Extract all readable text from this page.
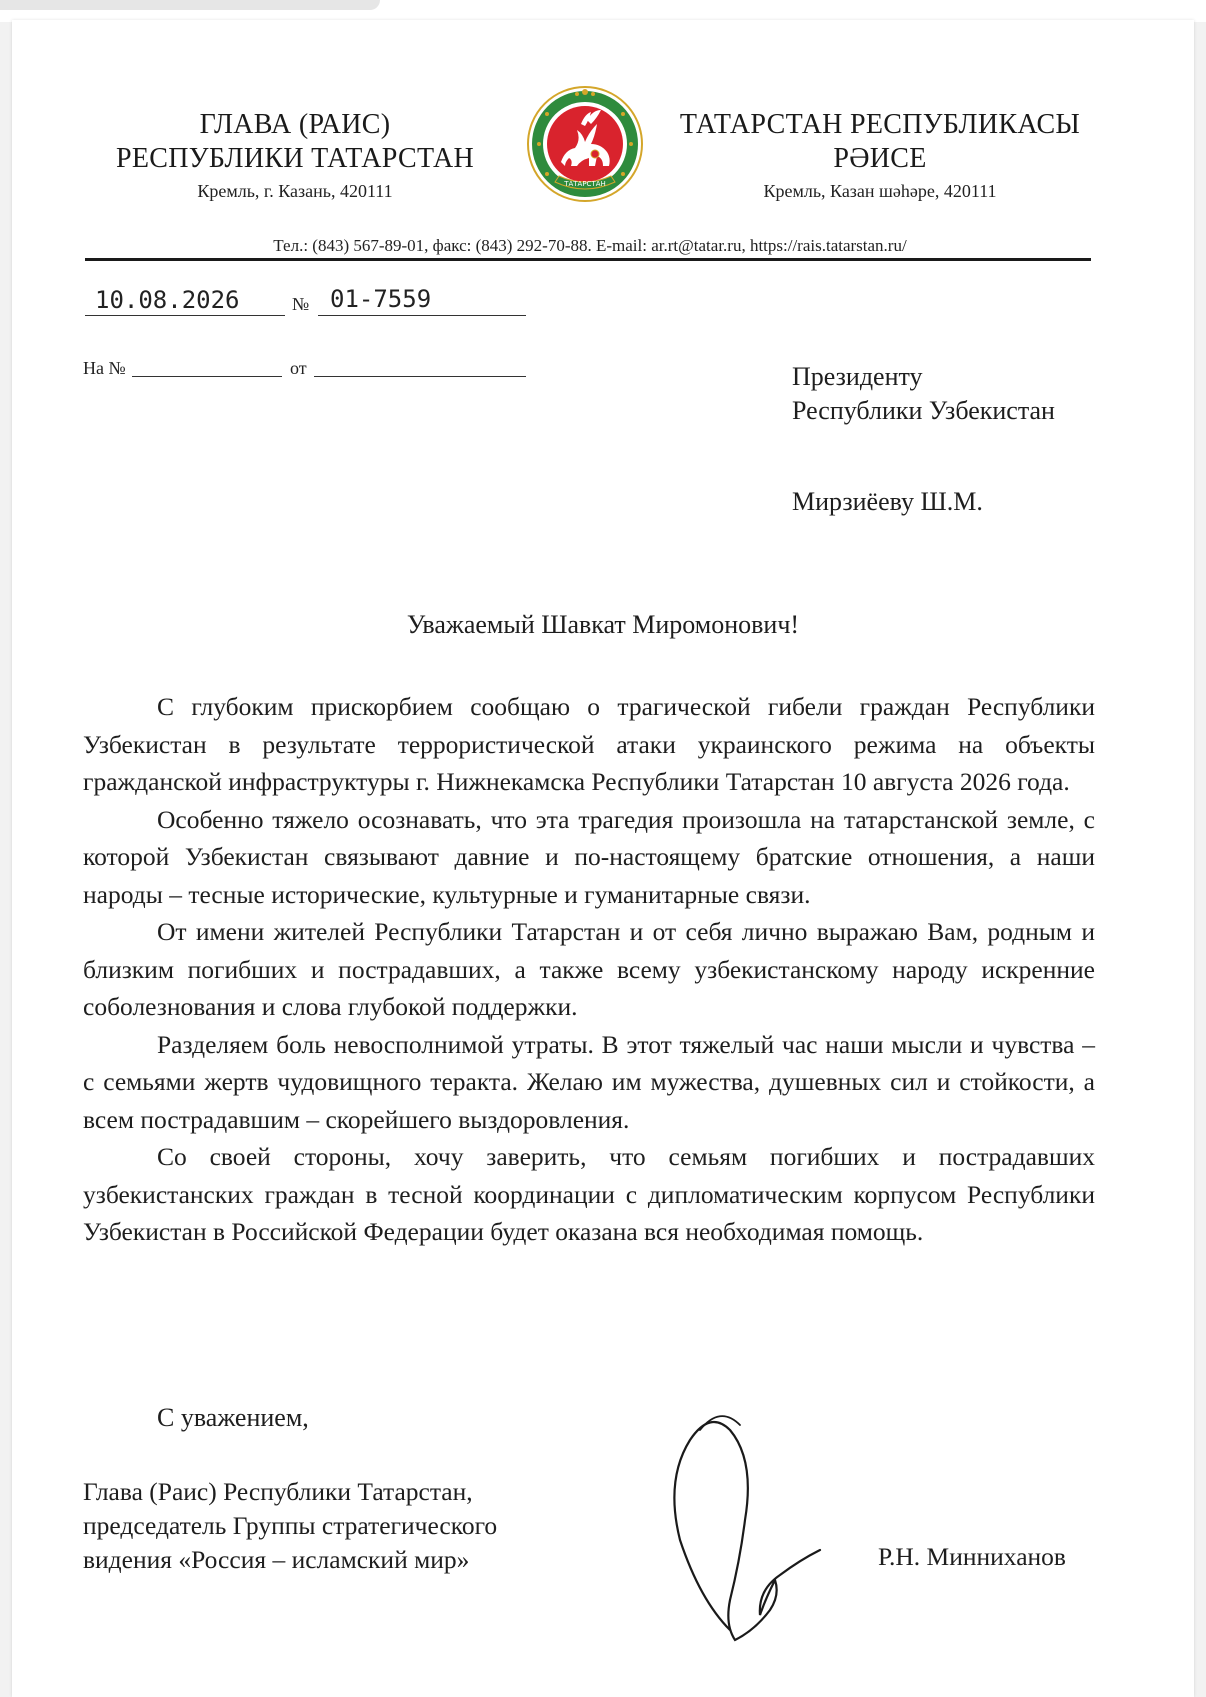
ГЛАВА (РАИС)
РЕСПУБЛИКИ ТАТАРСТАН
Кремль, г. Казань, 420111	ТАТАРСТАН
ТАТАРСТАН РЕСПУБЛИКАСЫ
РӘИСЕ
Кремль, Казан шәһәре, 420111
Тел.: (843) 567-89-01, факс: (843) 292-70-88. E-mail: ar.rt@tatar.ru, https://rais.tatarstan.ru/
10.08.2026	№ 01-7559
На №	от	Президенту
Республики Узбекистан
Мирзиёеву Ш.М.
Уважаемый Шавкат Миромонович!

С глубоким прискорбием сообщаю о трагической гибели граждан Республики Узбекистан в результате террористической атаки украинского режима на объекты гражданской инфраструктуры г. Нижнекамска Республики Татарстан 10 августа 2026 года.

Особенно тяжело осознавать, что эта трагедия произошла на татарстанской земле, с которой Узбекистан связывают давние и по-настоящему братские отношения, а наши народы – тесные исторические, культурные и гуманитарные связи.

От имени жителей Республики Татарстан и от себя лично выражаю Вам, родным и близким погибших и пострадавших, а также всему узбекистанскому народу искренние соболезнования и слова глубокой поддержки.

Разделяем боль невосполнимой утраты. В этот тяжелый час наши мысли и чувства – с семьями жертв чудовищного теракта. Желаю им мужества, душевных сил и стойкости, а всем пострадавшим – скорейшего выздоровления.

Со своей стороны, хочу заверить, что семьям погибших и пострадавших узбекистанских граждан в тесной координации с дипломатическим корпусом Республики Узбекистан в Российской Федерации будет оказана вся необходимая помощь.

С уважением,
Глава (Раис) Республики Татарстан,
председатель Группы стратегического
видения «Россия – исламский мир»	Р.Н. Минниханов
